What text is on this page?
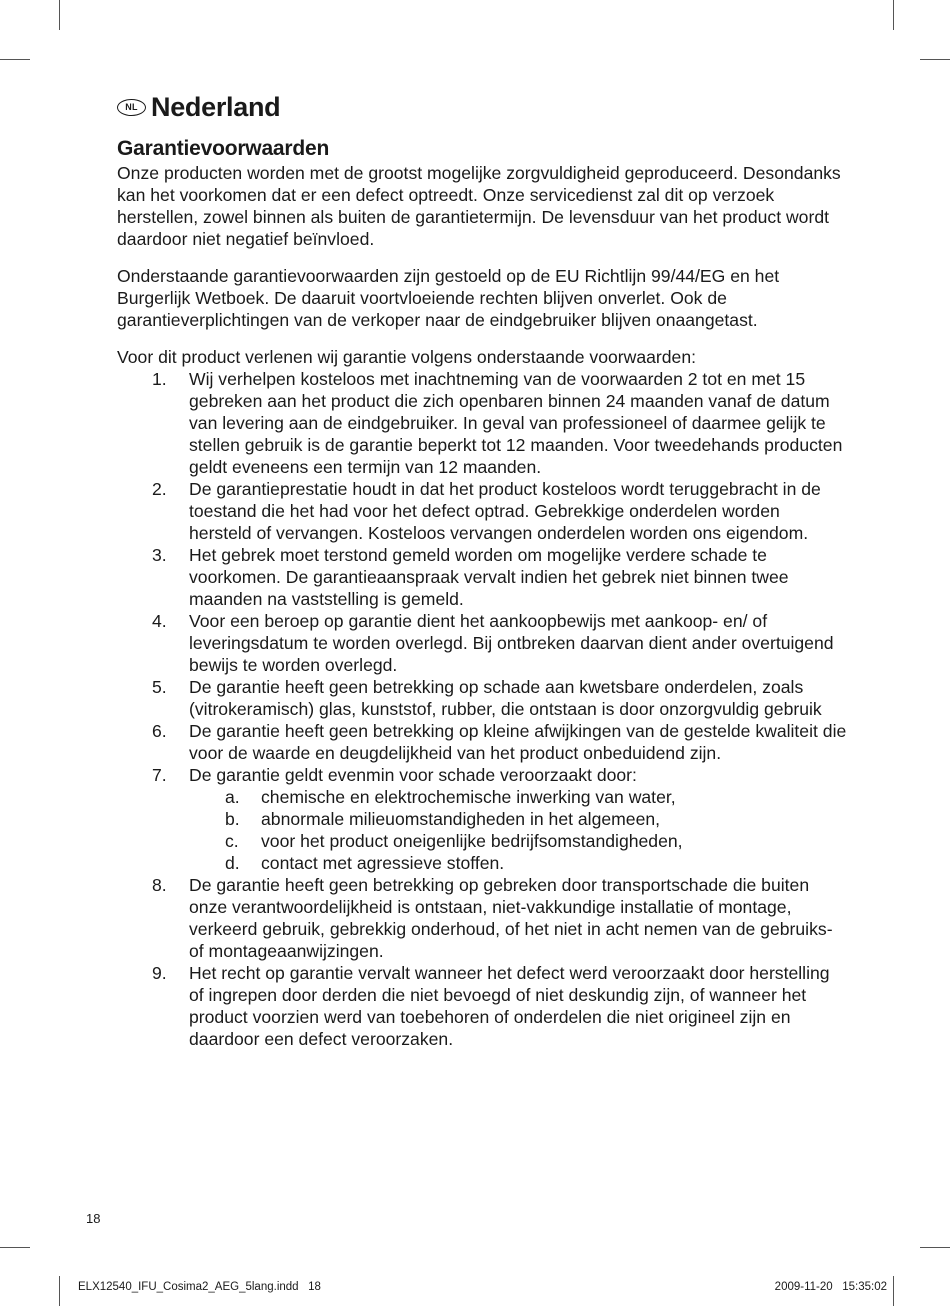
NL Nederland
Garantievoorwaarden

Onze producten worden met de grootst mogelijke zorgvuldigheid geproduceerd. Desondanks kan het voorkomen dat er een defect optreedt. Onze servicedienst zal dit op verzoek herstellen, zowel binnen als buiten de garantietermijn. De levensduur van het product wordt daardoor niet negatief beïnvloed.

Onderstaande garantievoorwaarden zijn gestoeld op de EU Richtlijn 99/44/EG en het Burgerlijk Wetboek. De daaruit voortvloeiende rechten blijven onverlet. Ook de garantieverplichtingen van de verkoper naar de eindgebruiker blijven onaangetast.

Voor dit product verlenen wij garantie volgens onderstaande voorwaarden:

1. Wij verhelpen kosteloos met inachtneming van de voorwaarden 2 tot en met 15 gebreken aan het product die zich openbaren binnen 24 maanden vanaf de datum van levering aan de eindgebruiker. In geval van professioneel of daarmee gelijk te stellen gebruik is de garantie beperkt tot 12 maanden. Voor tweedehands producten geldt eveneens een termijn van 12 maanden.
2. De garantieprestatie houdt in dat het product kosteloos wordt teruggebracht in de toestand die het had voor het defect optrad. Gebrekkige onderdelen worden hersteld of vervangen. Kosteloos vervangen onderdelen worden ons eigendom.
3. Het gebrek moet terstond gemeld worden om mogelijke verdere schade te voorkomen. De garantieaanspraak vervalt indien het gebrek niet binnen twee maanden na vaststelling is gemeld.
4. Voor een beroep op garantie dient het aankoopbewijs met aankoop- en/ of leveringsdatum te worden overlegd. Bij ontbreken daarvan dient ander overtuigend bewijs te worden overlegd.
5. De garantie heeft geen betrekking op schade aan kwetsbare onderdelen, zoals (vitrokeramisch) glas, kunststof, rubber, die ontstaan is door onzorgvuldig gebruik
6. De garantie heeft geen betrekking op kleine afwijkingen van de gestelde kwaliteit die voor de waarde en deugdelijkheid van het product onbeduidend zijn.
7. De garantie geldt evenmin voor schade veroorzaakt door:
a. chemische en elektrochemische inwerking van water,
b. abnormale milieuomstandigheden in het algemeen,
c. voor het product oneigenlijke bedrijfsomstandigheden,
d. contact met agressieve stoffen.
8. De garantie heeft geen betrekking op gebreken door transportschade die buiten onze verantwoordelijkheid is ontstaan, niet-vakkundige installatie of montage, verkeerd gebruik, gebrekkig onderhoud, of het niet in acht nemen van de gebruiks- of montageaanwijzingen.
9. Het recht op garantie vervalt wanneer het defect werd veroorzaakt door herstelling of ingrepen door derden die niet bevoegd of niet deskundig zijn, of wanneer het product voorzien werd van toebehoren of onderdelen die niet origineel zijn en daardoor een defect veroorzaken.
18
ELX12540_IFU_Cosima2_AEG_5lang.indd   18	2009-11-20   15:35:02
